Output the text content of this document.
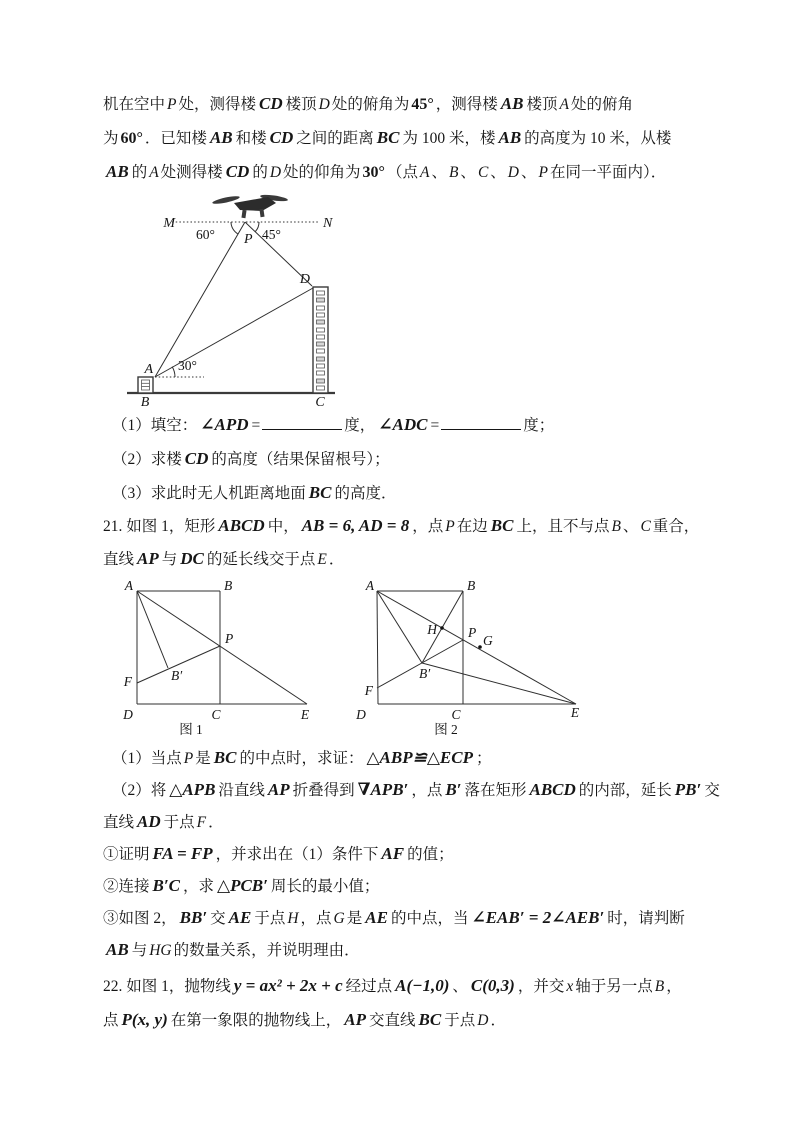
机在空中 P 处，测得楼 CD 楼顶 D 处的俯角为 45° ，测得楼 AB 楼顶 A 处的俯角
为 60° ．已知楼 AB 和楼 CD 之间的距离 BC 为 100 米，楼 AB 的高度为 10 米，从楼
AB 的 A 处测得楼 CD 的 D 处的仰角为 30° （点 A 、 B 、 C 、 D 、 P 在同一平面内）．
M	N
60°	45°
30°
P
A
B	C
D
（1）填空： ∠APD =	度， ∠ADC =	度；
（2）求楼 CD 的高度（结果保留根号）；
（3）求此时无人机距离地面 BC 的高度．
21. 如图 1，矩形 ABCD 中， AB = 6, AD = 8 ，点 P 在边 BC 上，且不与点 B 、 C 重合，
直线 AP 与 DC 的延长线交于点 E ．
A	B
P
F	B′
D	C	E
图 1
A	B
H P
G
B′
F
D	C	E
图 2
（1）当点 P 是 BC 的中点时，求证： △ABP≌△ECP ；
（2）将 △APB 沿直线 AP 折叠得到 ∇APB′ ，点 B′ 落在矩形 ABCD 的内部，延长 PB′ 交
直线 AD 于点 F ．
①证明 FA = FP ，并求出在（1）条件下 AF 的值；
②连接 B′C ，求 △PCB′ 周长的最小值；
③如图 2， BB′ 交 AE 于点 H ，点 G 是 AE 的中点，当 ∠EAB′ = 2∠AEB′ 时，请判断
AB 与 HG 的数量关系，并说明理由．
22. 如图 1，抛物线 y = ax² + 2x + c 经过点 A(−1,0) 、 C(0,3) ，并交 x 轴于另一点 B ，
点 P(x, y) 在第一象限的抛物线上， AP 交直线 BC 于点 D ．
